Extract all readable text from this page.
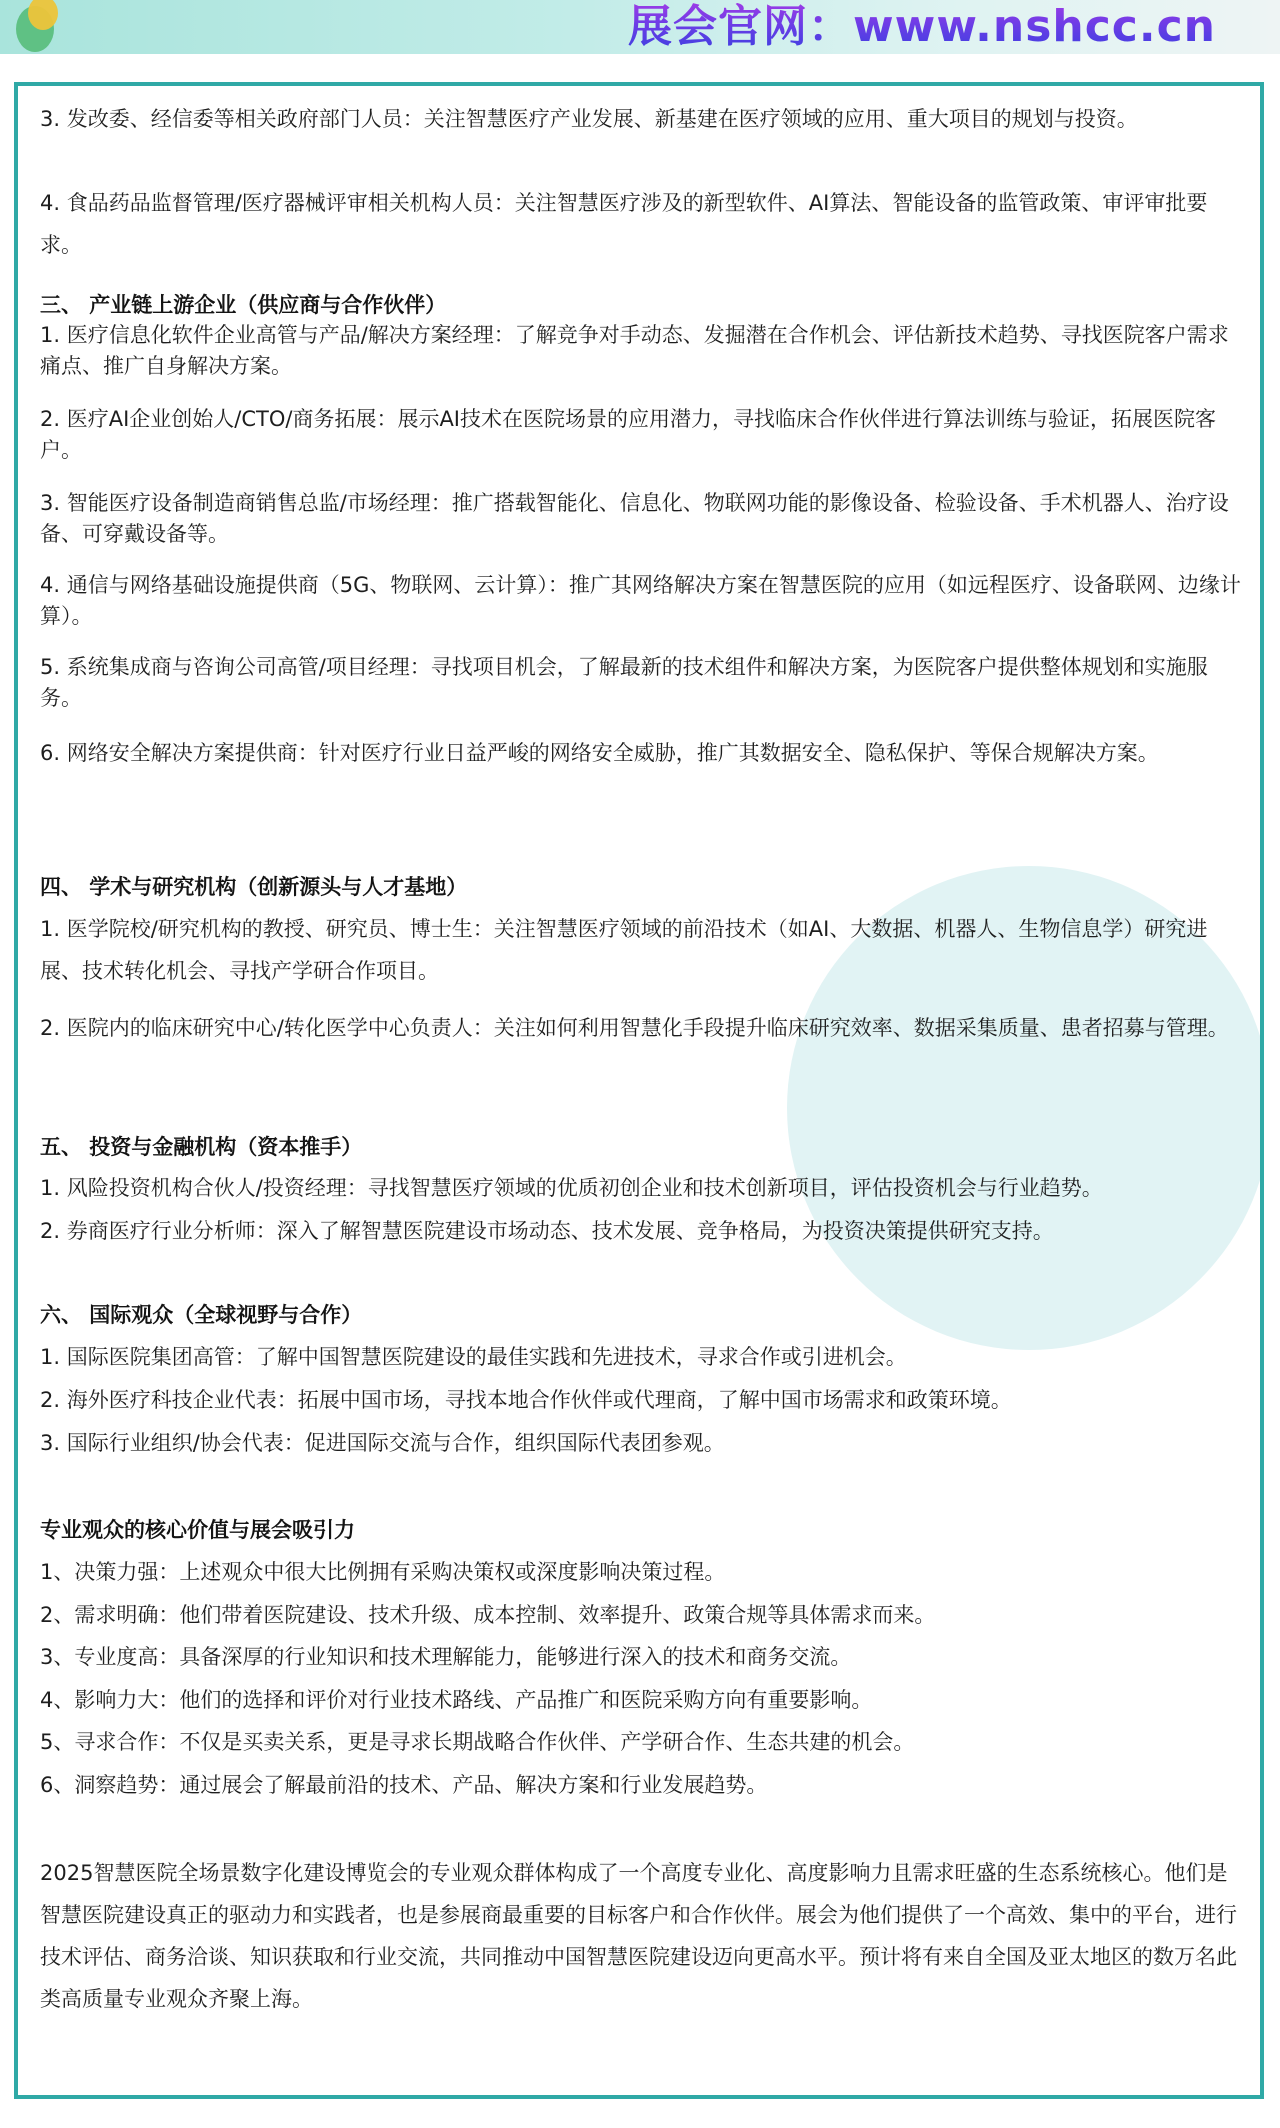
展会官网：www.nshcc.cn
3. 发改委、经信委等相关政府部门人员：关注智慧医疗产业发展、新基建在医疗领域的应用、重大项目的规划与投资。
4. 食品药品监督管理/医疗器械评审相关机构人员：关注智慧医疗涉及的新型软件、AI算法、智能设备的监管政策、审评审批要求。
三、 产业链上游企业（供应商与合作伙伴）
1. 医疗信息化软件企业高管与产品/解决方案经理：了解竞争对手动态、发掘潜在合作机会、评估新技术趋势、寻找医院客户需求痛点、推广自身解决方案。
2. 医疗AI企业创始人/CTO/商务拓展：展示AI技术在医院场景的应用潜力，寻找临床合作伙伴进行算法训练与验证，拓展医院客户。
3. 智能医疗设备制造商销售总监/市场经理：推广搭载智能化、信息化、物联网功能的影像设备、检验设备、手术机器人、治疗设备、可穿戴设备等。
4. 通信与网络基础设施提供商（5G、物联网、云计算）：推广其网络解决方案在智慧医院的应用（如远程医疗、设备联网、边缘计算）。
5. 系统集成商与咨询公司高管/项目经理：寻找项目机会，了解最新的技术组件和解决方案，为医院客户提供整体规划和实施服务。
6. 网络安全解决方案提供商：针对医疗行业日益严峻的网络安全威胁，推广其数据安全、隐私保护、等保合规解决方案。
四、 学术与研究机构（创新源头与人才基地）
1. 医学院校/研究机构的教授、研究员、博士生：关注智慧医疗领域的前沿技术（如AI、大数据、机器人、生物信息学）研究进展、技术转化机会、寻找产学研合作项目。
2. 医院内的临床研究中心/转化医学中心负责人：关注如何利用智慧化手段提升临床研究效率、数据采集质量、患者招募与管理。
五、 投资与金融机构（资本推手）
1. 风险投资机构合伙人/投资经理：寻找智慧医疗领域的优质初创企业和技术创新项目，评估投资机会与行业趋势。
2. 券商医疗行业分析师：深入了解智慧医院建设市场动态、技术发展、竞争格局，为投资决策提供研究支持。
六、 国际观众（全球视野与合作）
1. 国际医院集团高管：了解中国智慧医院建设的最佳实践和先进技术，寻求合作或引进机会。
2. 海外医疗科技企业代表：拓展中国市场，寻找本地合作伙伴或代理商，了解中国市场需求和政策环境。
3. 国际行业组织/协会代表：促进国际交流与合作，组织国际代表团参观。
专业观众的核心价值与展会吸引力
1、决策力强：上述观众中很大比例拥有采购决策权或深度影响决策过程。
2、需求明确：他们带着医院建设、技术升级、成本控制、效率提升、政策合规等具体需求而来。
3、专业度高：具备深厚的行业知识和技术理解能力，能够进行深入的技术和商务交流。
4、影响力大：他们的选择和评价对行业技术路线、产品推广和医院采购方向有重要影响。
5、寻求合作：不仅是买卖关系，更是寻求长期战略合作伙伴、产学研合作、生态共建的机会。
6、洞察趋势：通过展会了解最前沿的技术、产品、解决方案和行业发展趋势。
2025智慧医院全场景数字化建设博览会的专业观众群体构成了一个高度专业化、高度影响力且需求旺盛的生态系统核心。他们是智慧医院建设真正的驱动力和实践者，也是参展商最重要的目标客户和合作伙伴。展会为他们提供了一个高效、集中的平台，进行技术评估、商务洽谈、知识获取和行业交流，共同推动中国智慧医院建设迈向更高水平。预计将有来自全国及亚太地区的数万名此类高质量专业观众齐聚上海。
